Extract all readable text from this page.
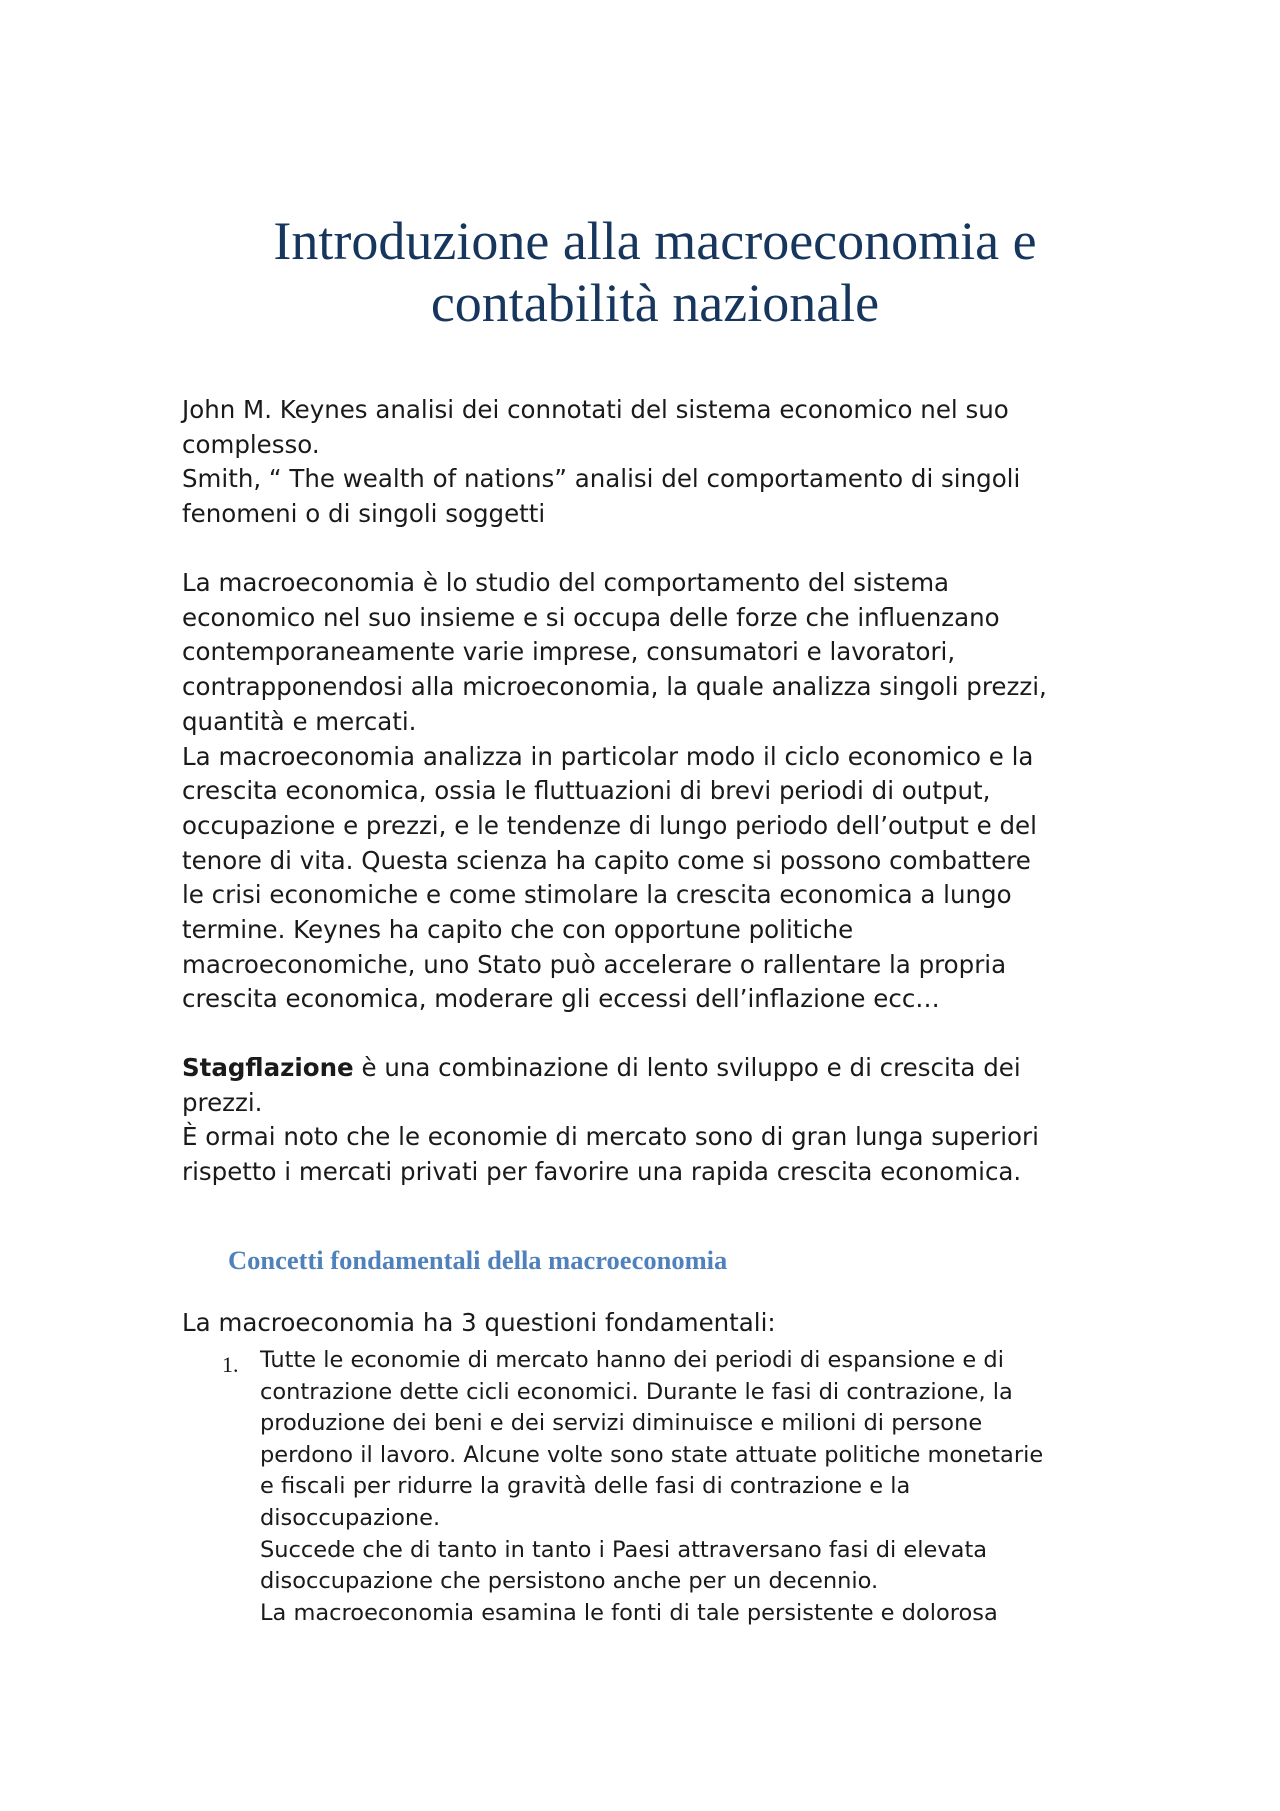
Introduzione alla macroeconomia e
contabilità nazionale
John M. Keynes analisi dei connotati del sistema economico nel suo
complesso.
Smith, “ The wealth of nations” analisi del comportamento di singoli
fenomeni o di singoli soggetti
La macroeconomia è lo studio del comportamento del sistema
economico nel suo insieme e si occupa delle forze che influenzano
contemporaneamente varie imprese, consumatori e lavoratori,
contrapponendosi alla microeconomia, la quale analizza singoli prezzi,
quantità e mercati.
La macroeconomia analizza in particolar modo il ciclo economico e la
crescita economica, ossia le fluttuazioni di brevi periodi di output,
occupazione e prezzi, e le tendenze di lungo periodo dell’output e del
tenore di vita. Questa scienza ha capito come si possono combattere
le crisi economiche e come stimolare la crescita economica a lungo
termine. Keynes ha capito che con opportune politiche
macroeconomiche, uno Stato può accelerare o rallentare la propria
crescita economica, moderare gli eccessi dell’inflazione ecc…
Stagflazione è una combinazione di lento sviluppo e di crescita dei
prezzi.
È ormai noto che le economie di mercato sono di gran lunga superiori
rispetto i mercati privati per favorire una rapida crescita economica.
Concetti fondamentali della macroeconomia
La macroeconomia ha 3 questioni fondamentali:
1. Tutte le economie di mercato hanno dei periodi di espansione e di
contrazione dette cicli economici. Durante le fasi di contrazione, la
produzione dei beni e dei servizi diminuisce e milioni di persone
perdono il lavoro. Alcune volte sono state attuate politiche monetarie
e fiscali per ridurre la gravità delle fasi di contrazione e la
disoccupazione.
Succede che di tanto in tanto i Paesi attraversano fasi di elevata
disoccupazione che persistono anche per un decennio.
La macroeconomia esamina le fonti di tale persistente e dolorosa
